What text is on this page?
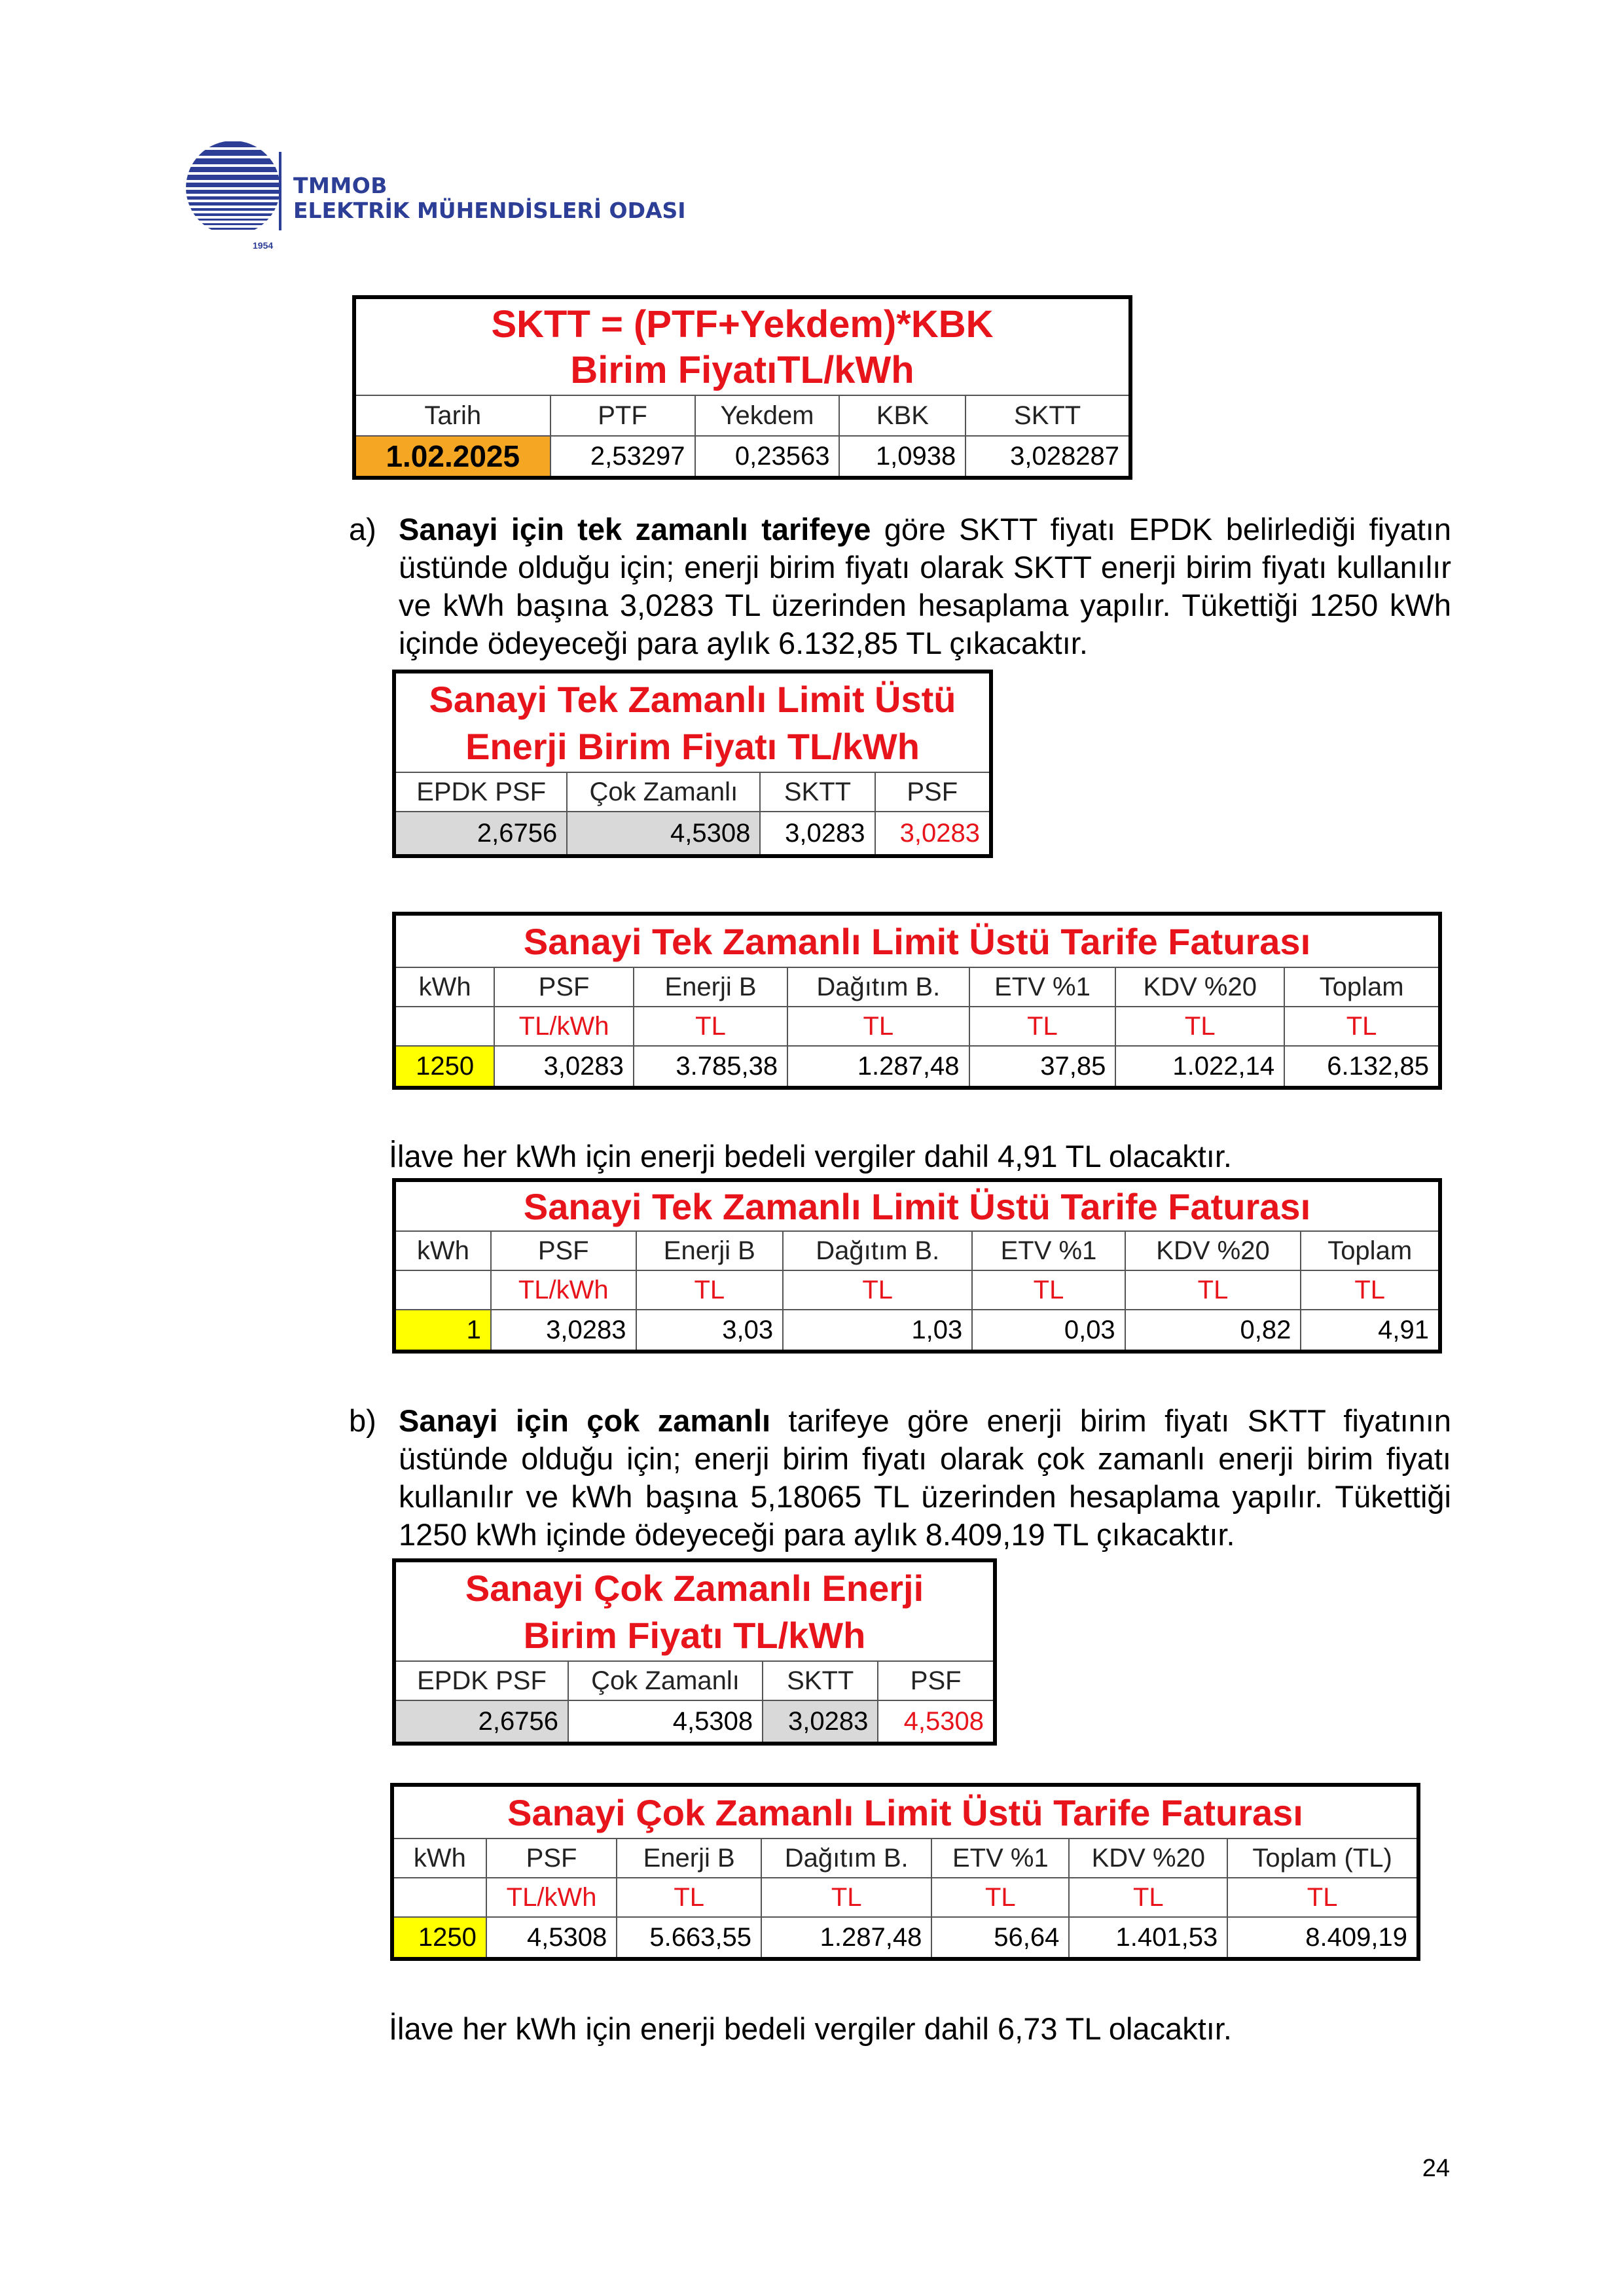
TMMOB
ELEKTRİK MÜHENDİSLERİ ODASI
1954
SKTT = (PTF+Yekdem)*KBK
Birim FiyatıTL/kWh				

Tarih	PTF	Yekdem	KBK	SKTT
1.02.2025	2,53297	0,23563	1,0938	3,028287
a) Sanayi için tek zamanlı tarifeye göre SKTT fiyatı EPDK belirlediği fiyatın üstünde olduğu için; enerji birim fiyatı olarak SKTT enerji birim fiyatı kullanılır ve kWh başına 3,0283 TL üzerinden hesaplama yapılır. Tükettiği 1250 kWh içinde ödeyeceği para aylık 6.132,85 TL çıkacaktır.
Sanayi Tek Zamanlı Limit Üstü
Enerji Birim Fiyatı TL/kWh			

EPDK PSF	Çok Zamanlı	SKTT	PSF
2,6756	4,5308	3,0283	3,0283
Sanayi Tek Zamanlı Limit Üstü Tarife Faturası						
kWh	PSF	Enerji B	Dağıtım B.	ETV %1	KDV %20	Toplam
	TL/kWh	TL	TL	TL	TL	TL
1250	3,0283	3.785,38	1.287,48	37,85	1.022,14	6.132,85
İlave her kWh için enerji bedeli vergiler dahil 4,91 TL olacaktır.
Sanayi Tek Zamanlı Limit Üstü Tarife Faturası						
kWh	PSF	Enerji B	Dağıtım B.	ETV %1	KDV %20	Toplam
	TL/kWh	TL	TL	TL	TL	TL
1	3,0283	3,03	1,03	0,03	0,82	4,91
b) Sanayi için çok zamanlı tarifeye göre enerji birim fiyatı SKTT fiyatının üstünde olduğu için; enerji birim fiyatı olarak çok zamanlı enerji birim fiyatı kullanılır ve kWh başına 5,18065 TL üzerinden hesaplama yapılır. Tükettiği 1250 kWh içinde ödeyeceği para aylık 8.409,19 TL çıkacaktır.
Sanayi Çok Zamanlı Enerji
Birim Fiyatı TL/kWh			

EPDK PSF	Çok Zamanlı	SKTT	PSF
2,6756	4,5308	3,0283	4,5308
Sanayi Çok Zamanlı Limit Üstü Tarife Faturası						
kWh	PSF	Enerji B	Dağıtım B.	ETV %1	KDV %20	Toplam (TL)
	TL/kWh	TL	TL	TL	TL	TL
1250	4,5308	5.663,55	1.287,48	56,64	1.401,53	8.409,19
İlave her kWh için enerji bedeli vergiler dahil 6,73 TL olacaktır.
24
